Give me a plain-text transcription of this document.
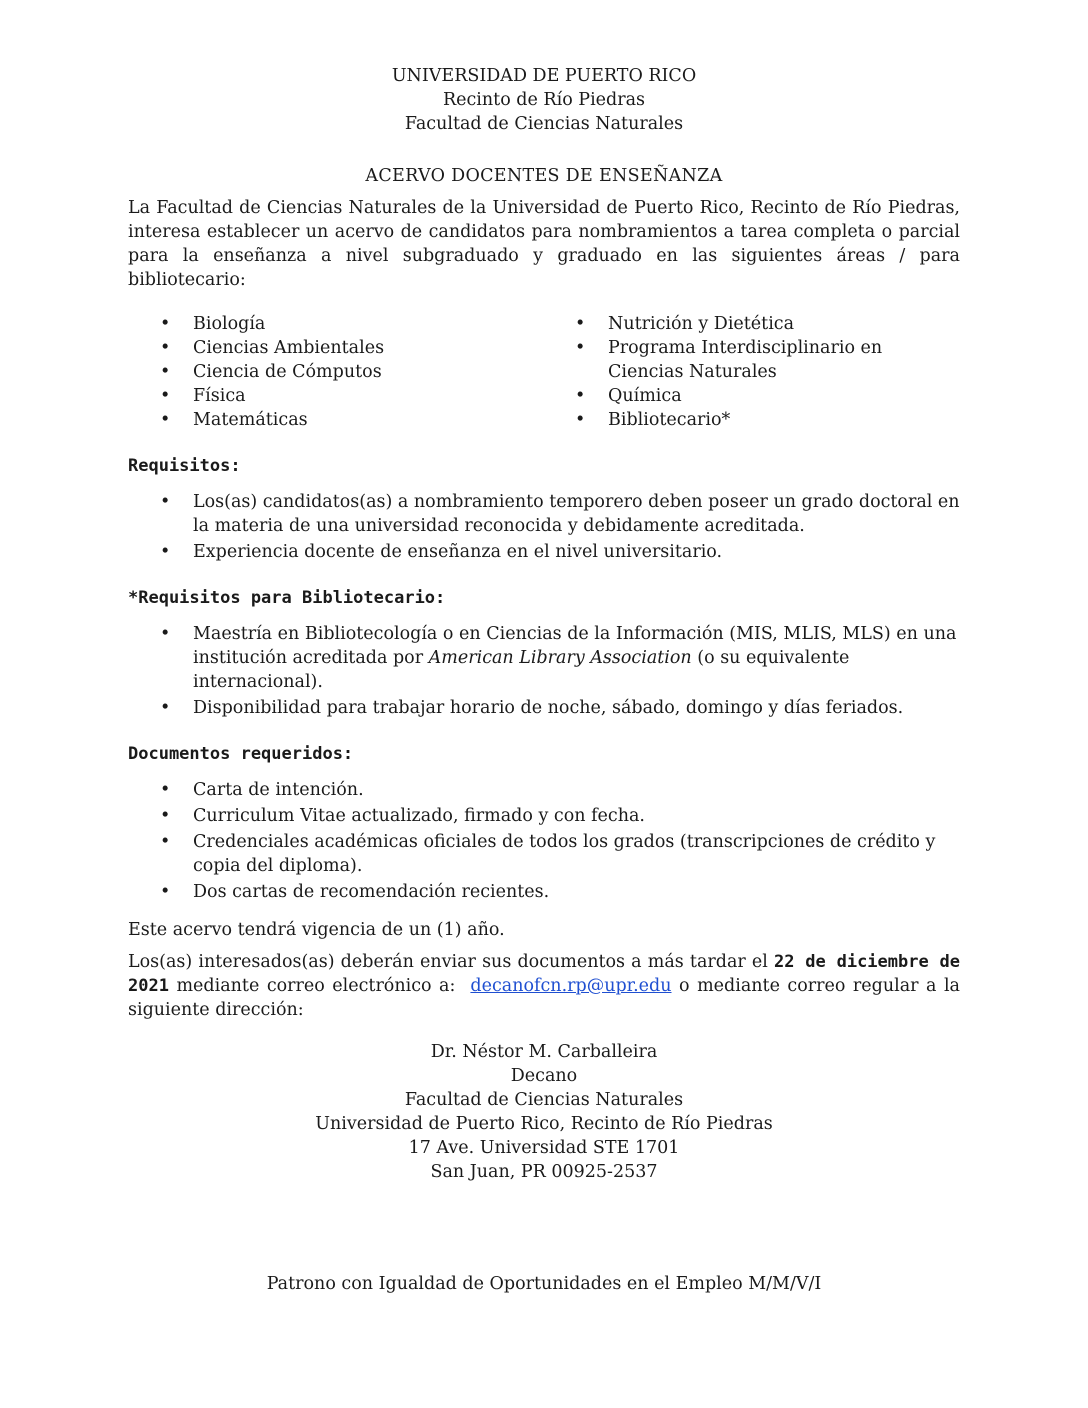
UNIVERSIDAD DE PUERTO RICO
Recinto de Río Piedras
Facultad de Ciencias Naturales
ACERVO DOCENTES DE ENSEÑANZA

La Facultad de Ciencias Naturales de la Universidad de Puerto Rico, Recinto de Río Piedras, interesa establecer un acervo de candidatos para nombramientos a tarea completa o parcial para la enseñanza a nivel subgraduado y graduado en las siguientes áreas / para bibliotecario:

• Biología
• Ciencias Ambientales
• Ciencia de Cómputos
• Física
• Matemáticas
• Nutrición y Dietética
• Programa Interdisciplinario en Ciencias Naturales
• Química
• Bibliotecario*
Requisitos:
• Los(as) candidatos(as) a nombramiento temporero deben poseer un grado doctoral en la materia de una universidad reconocida y debidamente acreditada.
• Experiencia docente de enseñanza en el nivel universitario.
*Requisitos para Bibliotecario:
• Maestría en Bibliotecología o en Ciencias de la Información (MIS, MLIS, MLS) en una institución acreditada por American Library Association (o su equivalente internacional).
• Disponibilidad para trabajar horario de noche, sábado, domingo y días feriados.
Documentos requeridos:
• Carta de intención.
• Curriculum Vitae actualizado, firmado y con fecha.
• Credenciales académicas oficiales de todos los grados (transcripciones de crédito y copia del diploma).
• Dos cartas de recomendación recientes.

Este acervo tendrá vigencia de un (1) año.

Los(as) interesados(as) deberán enviar sus documentos a más tardar el 22 de diciembre de 2021 mediante correo electrónico a:  decanofcn.rp@upr.edu o mediante correo regular a la siguiente dirección:

Dr. Néstor M. Carballeira
Decano
Facultad de Ciencias Naturales
Universidad de Puerto Rico, Recinto de Río Piedras
17 Ave. Universidad STE 1701
San Juan, PR 00925-2537
Patrono con Igualdad de Oportunidades en el Empleo M/M/V/I
